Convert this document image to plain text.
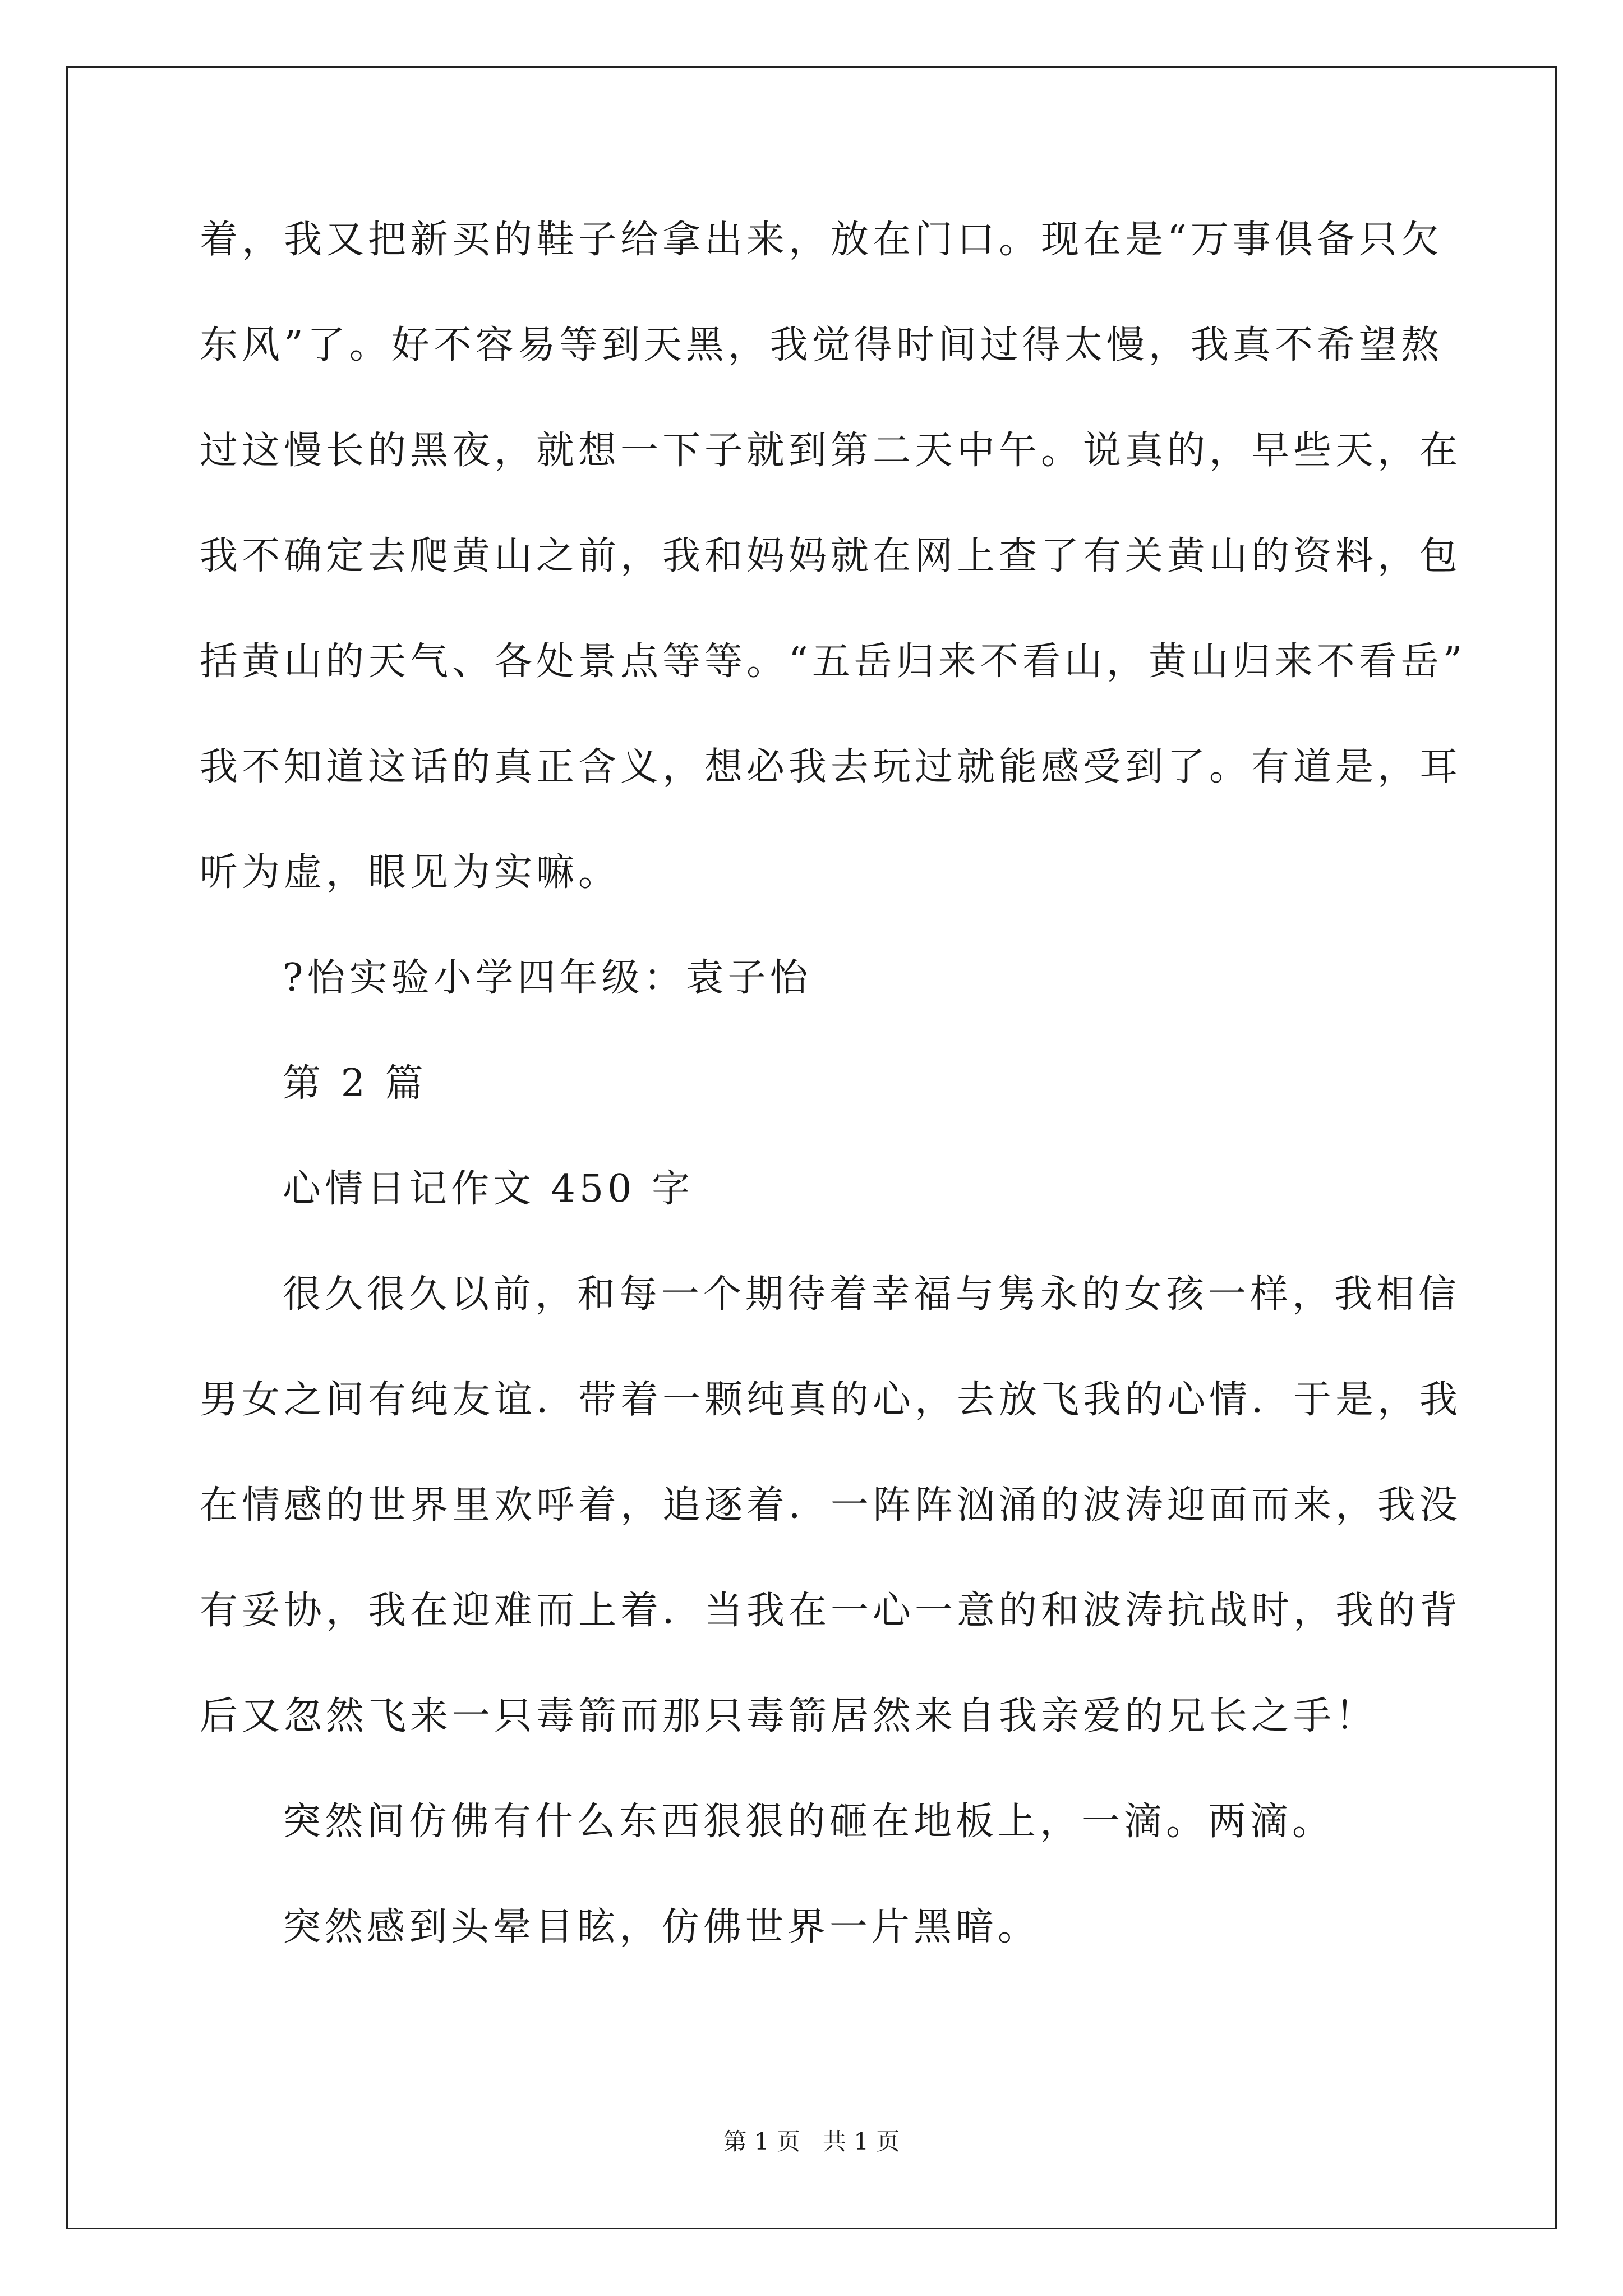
着，我又把新买的鞋子给拿出来，放在门口。现在是“万事俱备只欠
东风”了。好不容易等到天黑，我觉得时间过得太慢，我真不希望熬
过这慢长的黑夜，就想一下子就到第二天中午。说真的，早些天，在
我不确定去爬黄山之前，我和妈妈就在网上查了有关黄山的资料，包
括黄山的天气、各处景点等等。“五岳归来不看山，黄山归来不看岳”
我不知道这话的真正含义，想必我去玩过就能感受到了。有道是，耳
听为虚，眼见为实嘛。
?怡实验小学四年级：袁子怡
第 2 篇
心情日记作文 450 字
很久很久以前，和每一个期待着幸福与隽永的女孩一样，我相信
男女之间有纯友谊．带着一颗纯真的心，去放飞我的心情．于是，我
在情感的世界里欢呼着，追逐着．一阵阵汹涌的波涛迎面而来，我没
有妥协，我在迎难而上着．当我在一心一意的和波涛抗战时，我的背
后又忽然飞来一只毒箭而那只毒箭居然来自我亲爱的兄长之手！
突然间仿佛有什么东西狠狠的砸在地板上，一滴。两滴。
突然感到头晕目眩，仿佛世界一片黑暗。
第 1 页 共 1 页
